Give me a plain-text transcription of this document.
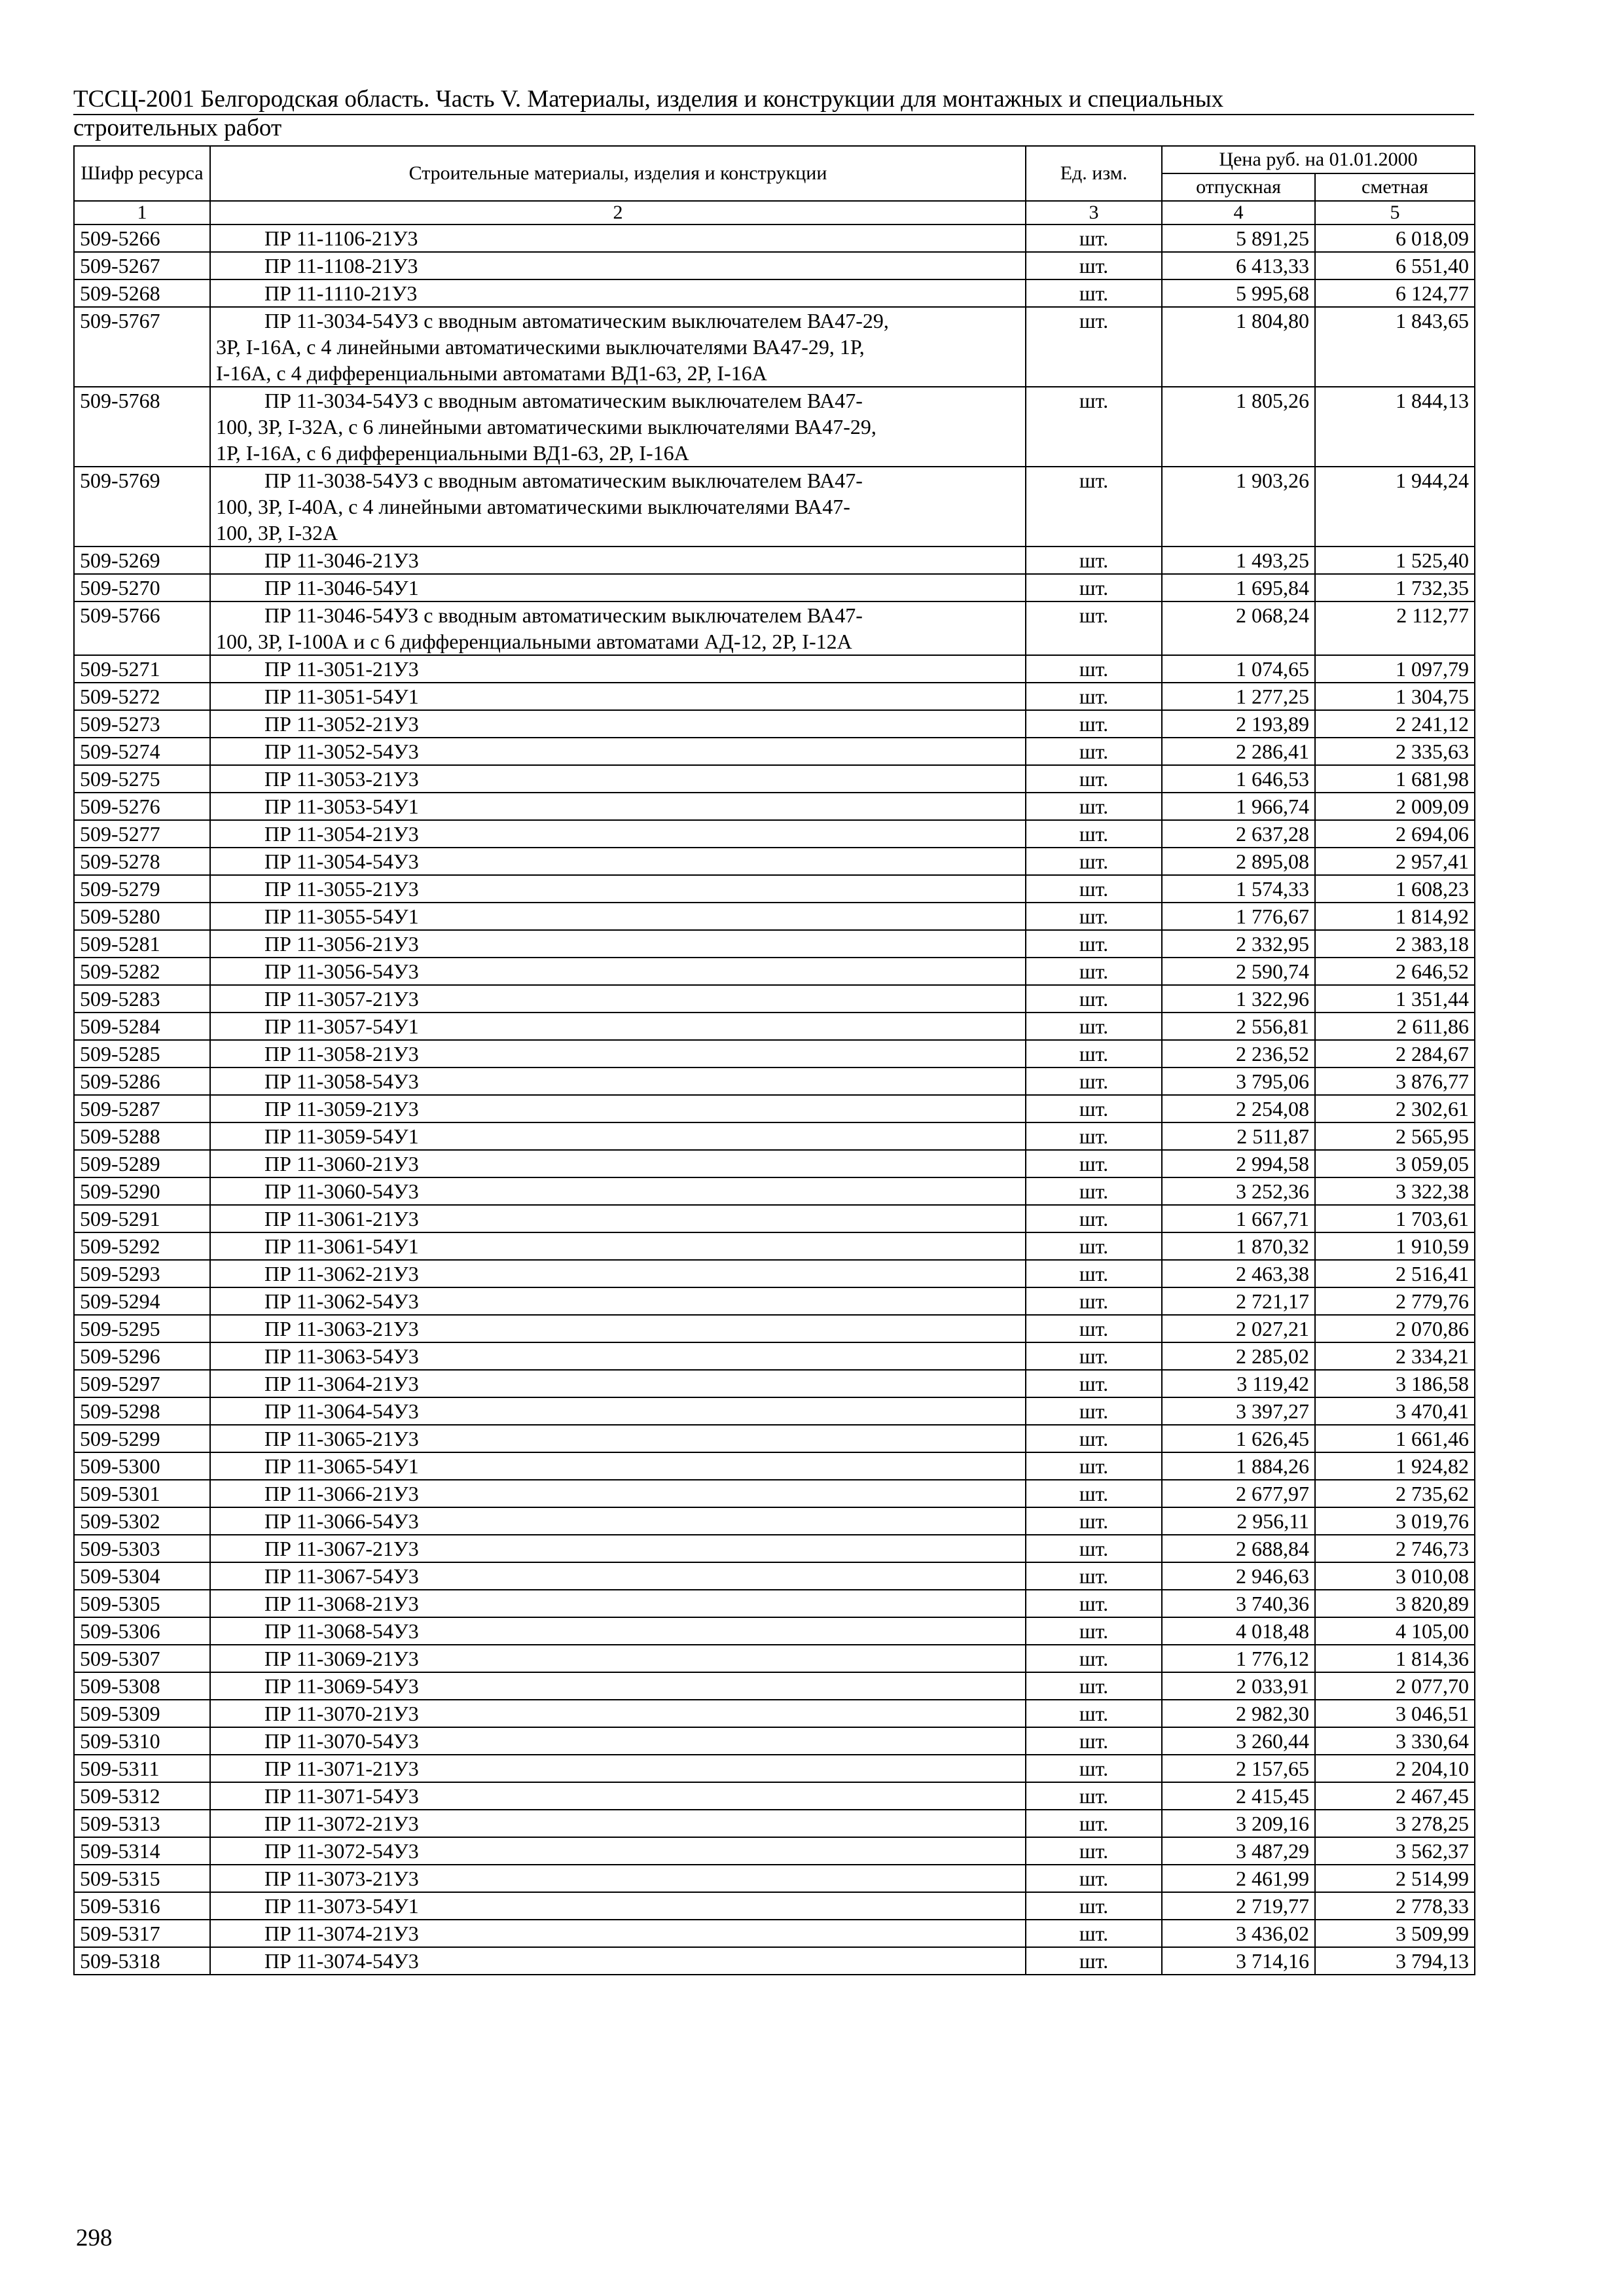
ТССЦ-2001 Белгородская область. Часть V. Материалы, изделия и конструкции для монтажных и специальных
строительных работ
Шифр ресурса	Строительные материалы, изделия и конструкции	Ед. изм.	Цена руб. на 01.01.2000	
			отпускная	сметная
1	2	3	4	5
509-5266	ПР 11-1106-21У3	шт.	5 891,25	6 018,09
509-5267	ПР 11-1108-21У3	шт.	6 413,33	6 551,40
509-5268	ПР 11-1110-21У3	шт.	5 995,68	6 124,77
509-5767	ПР 11-3034-54УЗ с вводным автоматическим выключателем ВА47-29,
3Р, I-16А, с 4 линейными автоматическими выключателями ВА47-29, 1Р,
I-16А, с 4 дифференциальными автоматами ВД1-63, 2Р, I-16А	шт.	1 804,80	1 843,65
509-5768	ПР 11-3034-54УЗ с вводным автоматическим выключателем ВА47-
100, 3Р, I-32А, с 6 линейными автоматическими выключателями ВА47-29,
1Р, I-16А, с 6 дифференциальными ВД1-63, 2Р, I-16А	шт.	1 805,26	1 844,13
509-5769	ПР 11-3038-54УЗ с вводным автоматическим выключателем ВА47-
100, 3Р, I-40А, с 4 линейными автоматическими выключателями ВА47-
100, 3Р, I-32А	шт.	1 903,26	1 944,24
509-5269	ПР 11-3046-21У3	шт.	1 493,25	1 525,40
509-5270	ПР 11-3046-54У1	шт.	1 695,84	1 732,35
509-5766	ПР 11-3046-54УЗ с вводным автоматическим выключателем ВА47-
100, 3Р, I-100А и с 6 дифференциальными автоматами АД-12, 2Р, I-12А	шт.	2 068,24	2 112,77
509-5271	ПР 11-3051-21У3	шт.	1 074,65	1 097,79
509-5272	ПР 11-3051-54У1	шт.	1 277,25	1 304,75
509-5273	ПР 11-3052-21У3	шт.	2 193,89	2 241,12
509-5274	ПР 11-3052-54У3	шт.	2 286,41	2 335,63
509-5275	ПР 11-3053-21У3	шт.	1 646,53	1 681,98
509-5276	ПР 11-3053-54У1	шт.	1 966,74	2 009,09
509-5277	ПР 11-3054-21У3	шт.	2 637,28	2 694,06
509-5278	ПР 11-3054-54У3	шт.	2 895,08	2 957,41
509-5279	ПР 11-3055-21У3	шт.	1 574,33	1 608,23
509-5280	ПР 11-3055-54У1	шт.	1 776,67	1 814,92
509-5281	ПР 11-3056-21У3	шт.	2 332,95	2 383,18
509-5282	ПР 11-3056-54У3	шт.	2 590,74	2 646,52
509-5283	ПР 11-3057-21У3	шт.	1 322,96	1 351,44
509-5284	ПР 11-3057-54У1	шт.	2 556,81	2 611,86
509-5285	ПР 11-3058-21У3	шт.	2 236,52	2 284,67
509-5286	ПР 11-3058-54У3	шт.	3 795,06	3 876,77
509-5287	ПР 11-3059-21У3	шт.	2 254,08	2 302,61
509-5288	ПР 11-3059-54У1	шт.	2 511,87	2 565,95
509-5289	ПР 11-3060-21У3	шт.	2 994,58	3 059,05
509-5290	ПР 11-3060-54У3	шт.	3 252,36	3 322,38
509-5291	ПР 11-3061-21У3	шт.	1 667,71	1 703,61
509-5292	ПР 11-3061-54У1	шт.	1 870,32	1 910,59
509-5293	ПР 11-3062-21У3	шт.	2 463,38	2 516,41
509-5294	ПР 11-3062-54У3	шт.	2 721,17	2 779,76
509-5295	ПР 11-3063-21У3	шт.	2 027,21	2 070,86
509-5296	ПР 11-3063-54У3	шт.	2 285,02	2 334,21
509-5297	ПР 11-3064-21У3	шт.	3 119,42	3 186,58
509-5298	ПР 11-3064-54У3	шт.	3 397,27	3 470,41
509-5299	ПР 11-3065-21У3	шт.	1 626,45	1 661,46
509-5300	ПР 11-3065-54У1	шт.	1 884,26	1 924,82
509-5301	ПР 11-3066-21У3	шт.	2 677,97	2 735,62
509-5302	ПР 11-3066-54У3	шт.	2 956,11	3 019,76
509-5303	ПР 11-3067-21У3	шт.	2 688,84	2 746,73
509-5304	ПР 11-3067-54У3	шт.	2 946,63	3 010,08
509-5305	ПР 11-3068-21У3	шт.	3 740,36	3 820,89
509-5306	ПР 11-3068-54У3	шт.	4 018,48	4 105,00
509-5307	ПР 11-3069-21У3	шт.	1 776,12	1 814,36
509-5308	ПР 11-3069-54У3	шт.	2 033,91	2 077,70
509-5309	ПР 11-3070-21У3	шт.	2 982,30	3 046,51
509-5310	ПР 11-3070-54У3	шт.	3 260,44	3 330,64
509-5311	ПР 11-3071-21У3	шт.	2 157,65	2 204,10
509-5312	ПР 11-3071-54У3	шт.	2 415,45	2 467,45
509-5313	ПР 11-3072-21У3	шт.	3 209,16	3 278,25
509-5314	ПР 11-3072-54У3	шт.	3 487,29	3 562,37
509-5315	ПР 11-3073-21У3	шт.	2 461,99	2 514,99
509-5316	ПР 11-3073-54У1	шт.	2 719,77	2 778,33
509-5317	ПР 11-3074-21У3	шт.	3 436,02	3 509,99
509-5318	ПР 11-3074-54У3	шт.	3 714,16	3 794,13
298
